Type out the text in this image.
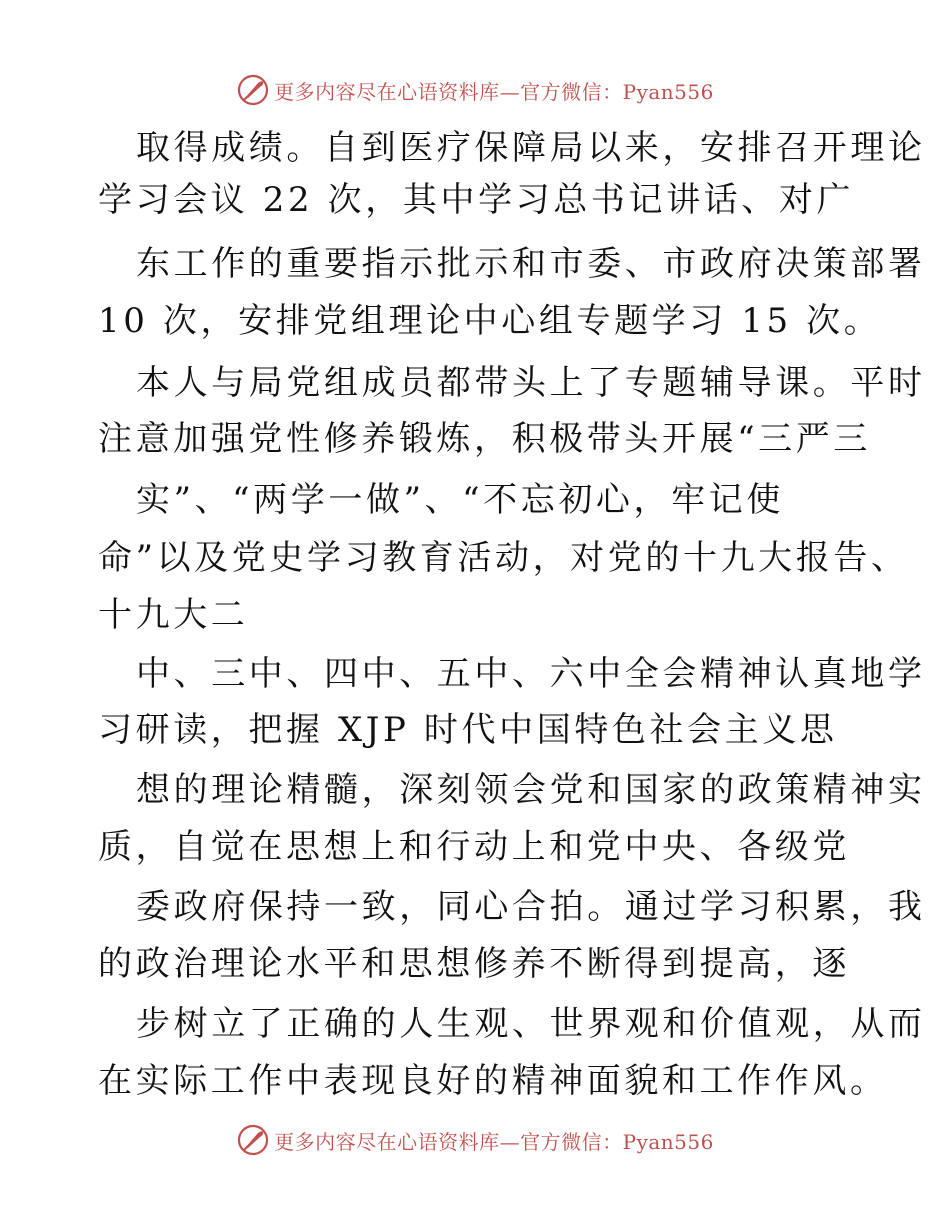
更多内容尽在心语资料库—官方微信：Pyan556
取得成绩。自到医疗保障局以来，安排召开理论
学习会议 22 次，其中学习总书记讲话、对广
东工作的重要指示批示和市委、市政府决策部署
10 次，安排党组理论中心组专题学习 15 次。
本人与局党组成员都带头上了专题辅导课。平时
注意加强党性修养锻炼，积极带头开展“三严三
实”、“两学一做”、“不忘初心，牢记使
命”以及党史学习教育活动，对党的十九大报告、
十九大二
中、三中、四中、五中、六中全会精神认真地学
习研读，把握 XJP 时代中国特色社会主义思
想的理论精髓，深刻领会党和国家的政策精神实
质，自觉在思想上和行动上和党中央、各级党
委政府保持一致，同心合拍。通过学习积累，我
的政治理论水平和思想修养不断得到提高，逐
步树立了正确的人生观、世界观和价值观，从而
在实际工作中表现良好的精神面貌和工作作风。
更多内容尽在心语资料库—官方微信：Pyan556
